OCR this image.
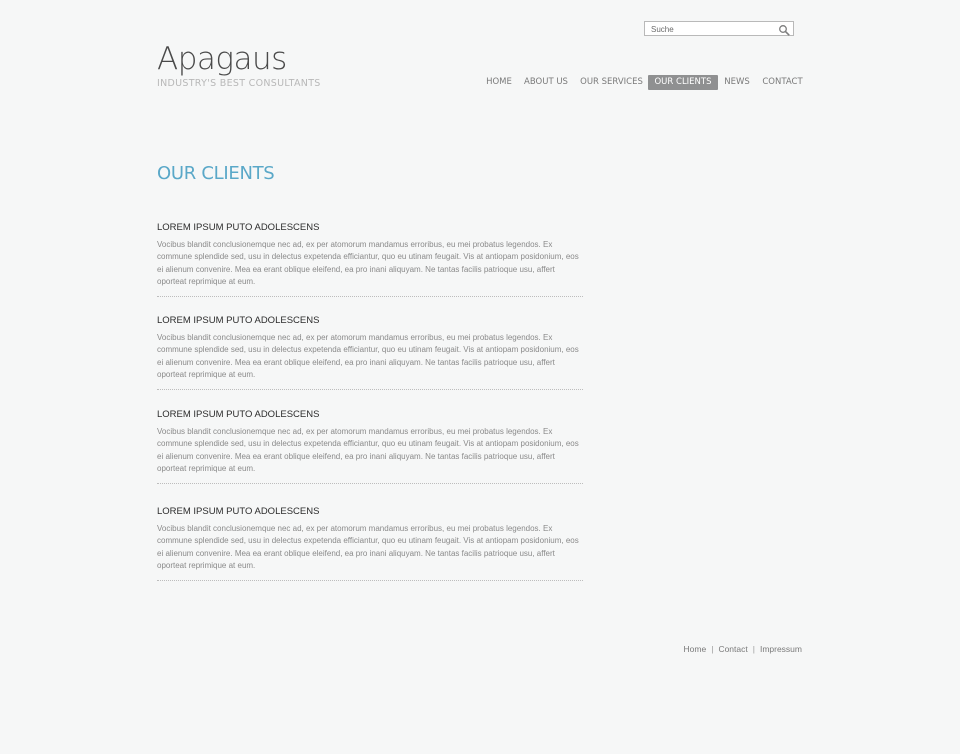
Suche
Apagaus
INDUSTRY'S BEST CONSULTANTS	HOME ABOUT US OUR SERVICES	OUR CLIENTS	NEWS CONTACT
OUR CLIENTS
LOREM IPSUM PUTO ADOLESCENS
Vocibus blandit conclusionemque nec ad, ex per atomorum mandamus erroribus, eu mei probatus legendos. Ex commune splendide sed, usu in delectus expetenda efficiantur, quo eu utinam feugait. Vis at antiopam posidonium, eos ei alienum convenire. Mea ea erant oblique eleifend, ea pro inani aliquyam. Ne tantas facilis patrioque usu, affert oporteat reprimique at eum.
LOREM IPSUM PUTO ADOLESCENS
Vocibus blandit conclusionemque nec ad, ex per atomorum mandamus erroribus, eu mei probatus legendos. Ex commune splendide sed, usu in delectus expetenda efficiantur, quo eu utinam feugait. Vis at antiopam posidonium, eos ei alienum convenire. Mea ea erant oblique eleifend, ea pro inani aliquyam. Ne tantas facilis patrioque usu, affert oporteat reprimique at eum.
LOREM IPSUM PUTO ADOLESCENS
Vocibus blandit conclusionemque nec ad, ex per atomorum mandamus erroribus, eu mei probatus legendos. Ex commune splendide sed, usu in delectus expetenda efficiantur, quo eu utinam feugait. Vis at antiopam posidonium, eos ei alienum convenire. Mea ea erant oblique eleifend, ea pro inani aliquyam. Ne tantas facilis patrioque usu, affert oporteat reprimique at eum.
LOREM IPSUM PUTO ADOLESCENS
Vocibus blandit conclusionemque nec ad, ex per atomorum mandamus erroribus, eu mei probatus legendos. Ex commune splendide sed, usu in delectus expetenda efficiantur, quo eu utinam feugait. Vis at antiopam posidonium, eos ei alienum convenire. Mea ea erant oblique eleifend, ea pro inani aliquyam. Ne tantas facilis patrioque usu, affert oporteat reprimique at eum.
Home | Contact | Impressum
